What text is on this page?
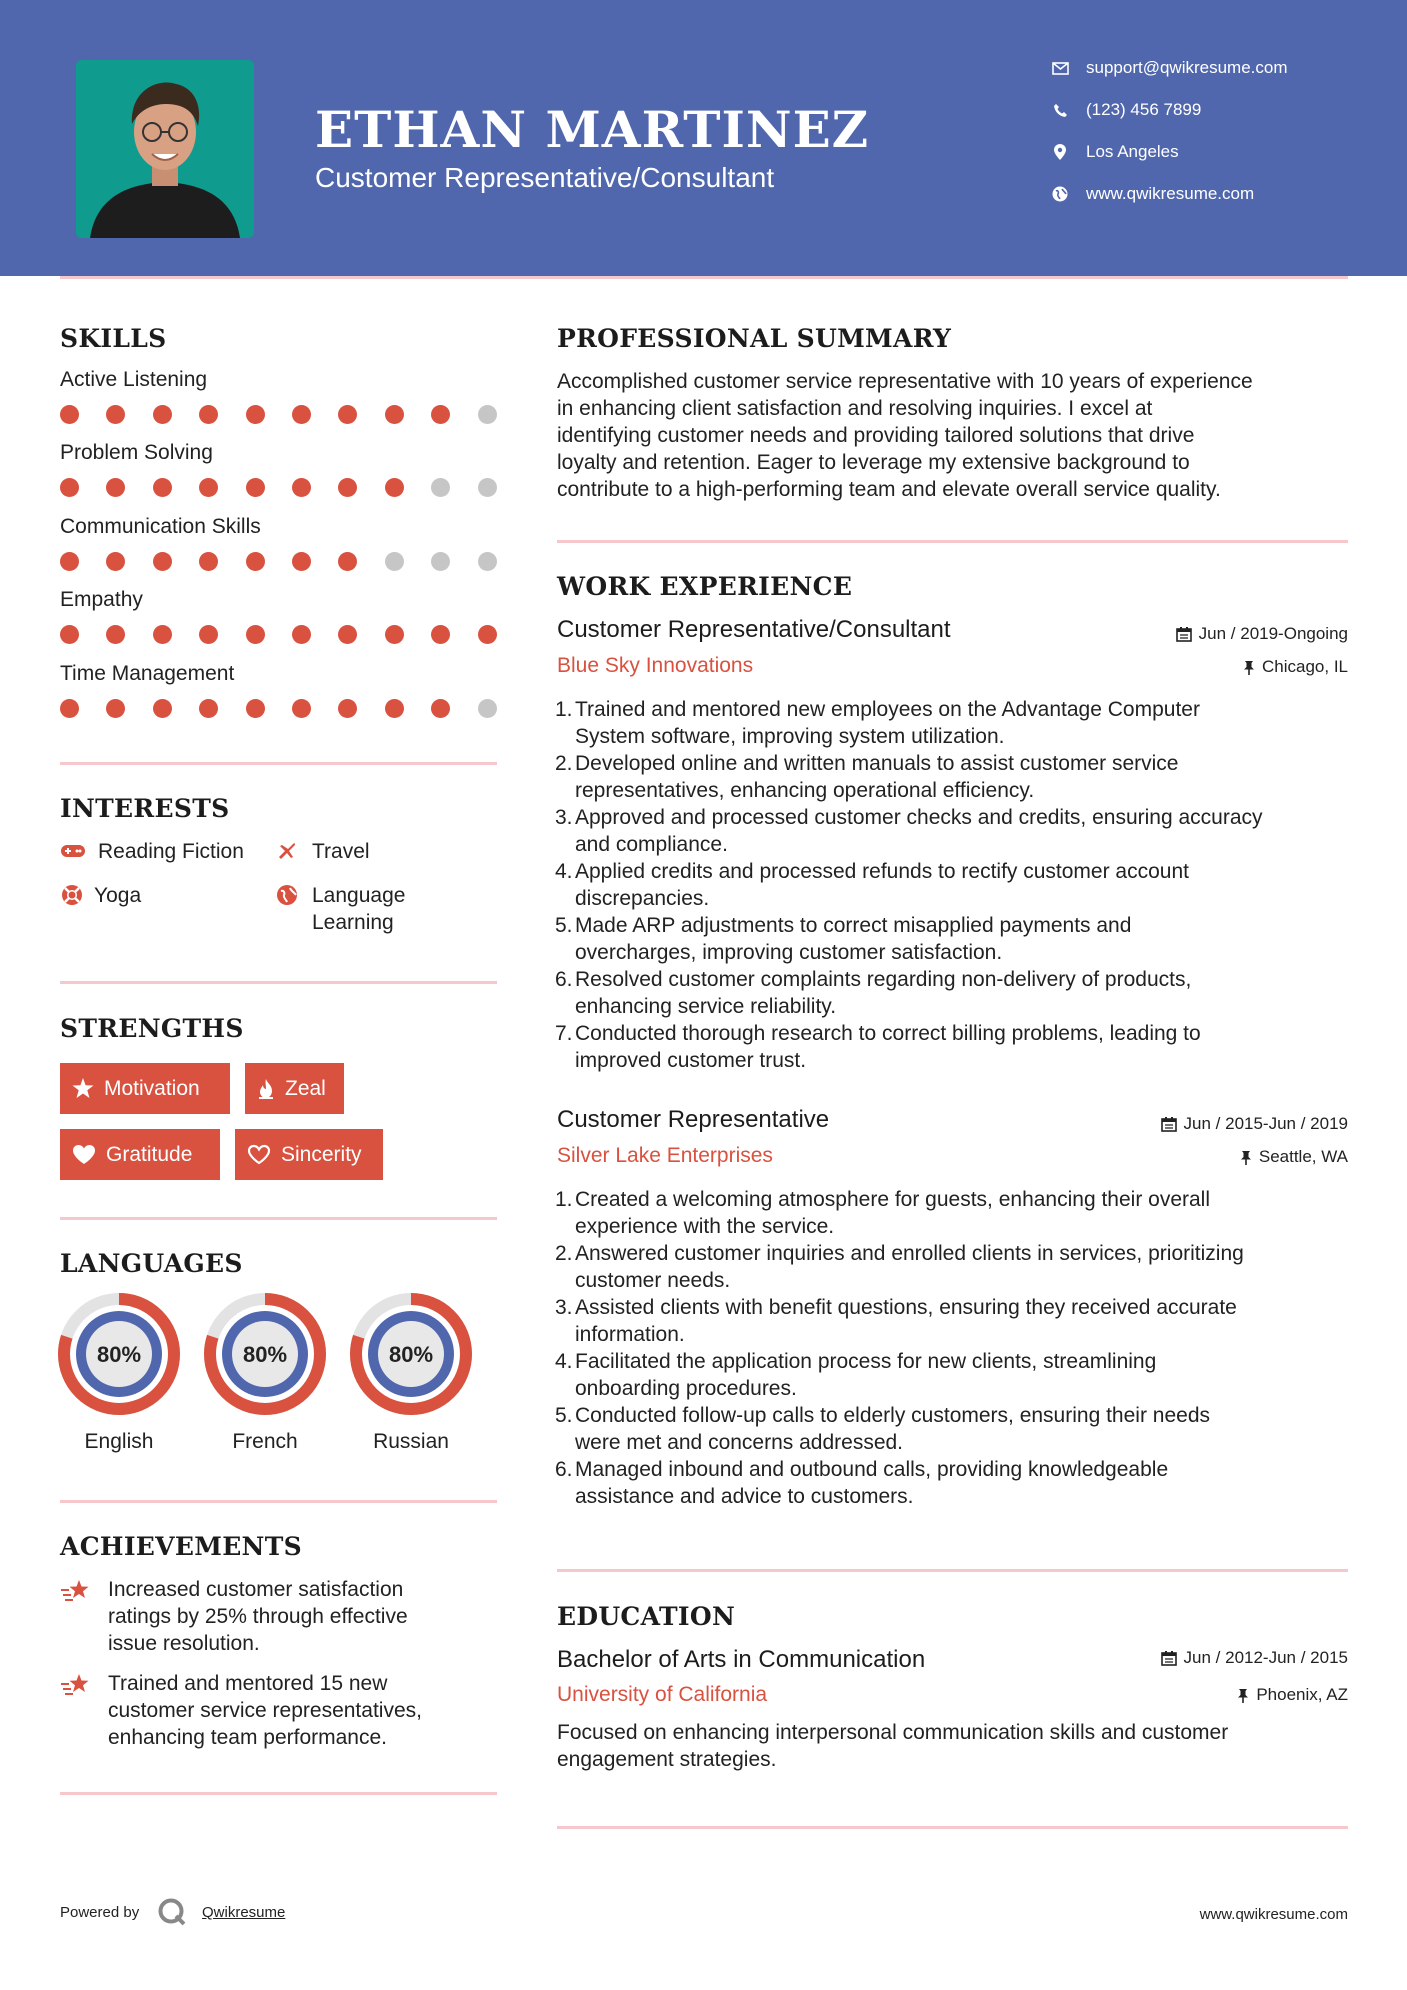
ETHAN MARTINEZ
Customer Representative/Consultant
support@qwikresume.com
(123) 456 7899
Los Angeles
www.qwikresume.com
SKILLS
Active Listening
Problem Solving
Communication Skills
Empathy
Time Management
INTERESTS
Reading Fiction	Travel
Yoga	Language
Learning
STRENGTHS
Motivation	Zeal
Gratitude	Sincerity
LANGUAGES
80%	80%	80%
English	French	Russian
ACHIEVEMENTS
Increased customer satisfaction
ratings by 25% through effective
issue resolution.
Trained and mentored 15 new
customer service representatives,
enhancing team performance.
PROFESSIONAL SUMMARY
Accomplished customer service representative with 10 years of experience
in enhancing client satisfaction and resolving inquiries. I excel at
identifying customer needs and providing tailored solutions that drive
loyalty and retention. Eager to leverage my extensive background to
contribute to a high-performing team and elevate overall service quality.
WORK EXPERIENCE
Customer Representative/Consultant	Jun / 2019-Ongoing
Blue Sky Innovations	Chicago, IL
1. Trained and mentored new employees on the Advantage Computer
System software, improving system utilization.
2. Developed online and written manuals to assist customer service
representatives, enhancing operational efficiency.
3. Approved and processed customer checks and credits, ensuring accuracy
and compliance.
4. Applied credits and processed refunds to rectify customer account
discrepancies.
5. Made ARP adjustments to correct misapplied payments and
overcharges, improving customer satisfaction.
6. Resolved customer complaints regarding non-delivery of products,
enhancing service reliability.
7. Conducted thorough research to correct billing problems, leading to
improved customer trust.
Customer Representative	Jun / 2015-Jun / 2019
Silver Lake Enterprises	Seattle, WA
1. Created a welcoming atmosphere for guests, enhancing their overall
experience with the service.
2. Answered customer inquiries and enrolled clients in services, prioritizing
customer needs.
3. Assisted clients with benefit questions, ensuring they received accurate
information.
4. Facilitated the application process for new clients, streamlining
onboarding procedures.
5. Conducted follow-up calls to elderly customers, ensuring their needs
were met and concerns addressed.
6. Managed inbound and outbound calls, providing knowledgeable
assistance and advice to customers.
EDUCATION
Bachelor of Arts in Communication	Jun / 2012-Jun / 2015
University of California	Phoenix, AZ
Focused on enhancing interpersonal communication skills and customer
engagement strategies.
Powered by	Qwikresume	www.qwikresume.com
